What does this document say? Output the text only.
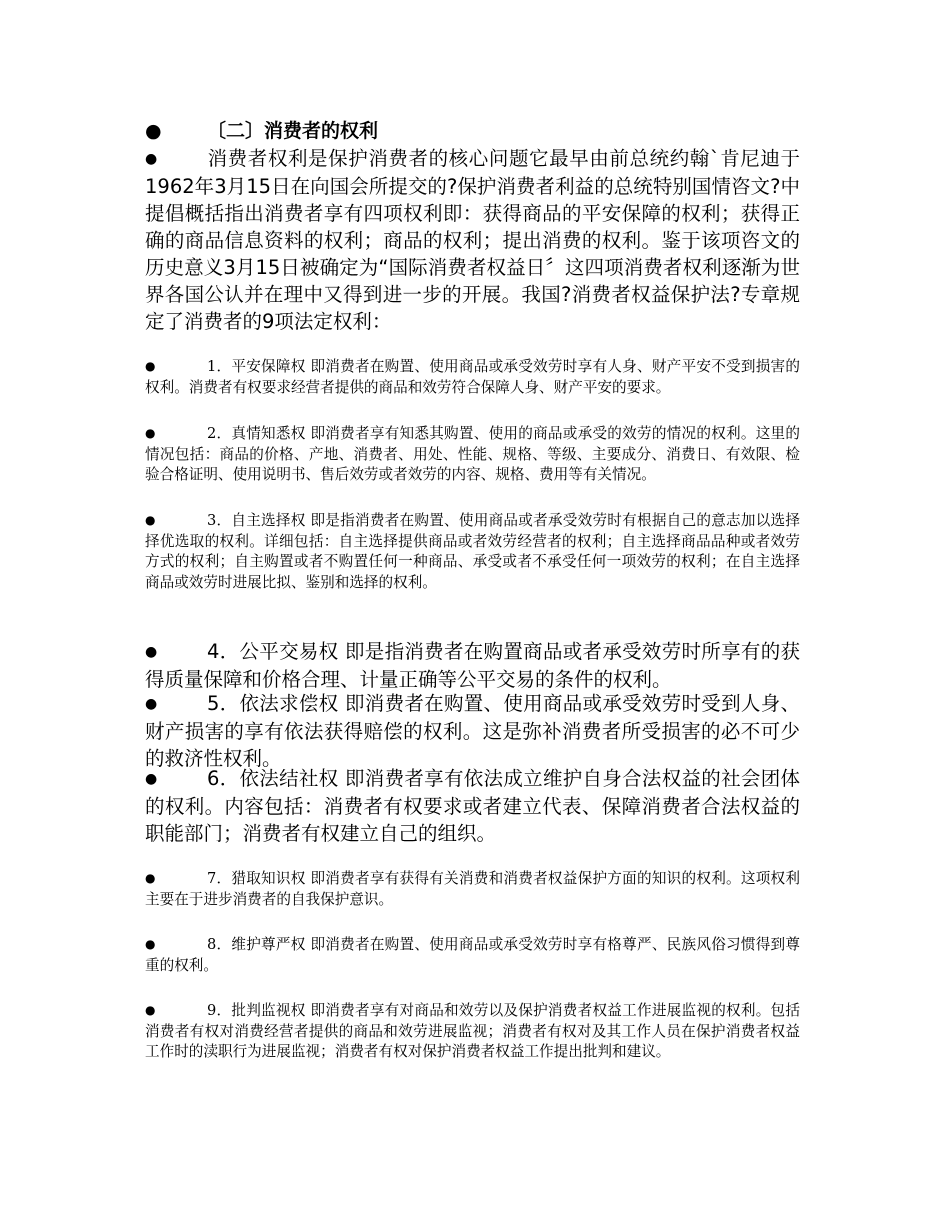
● 〔二〕消费者的权利

●	消费者权利是保护消费者的核心问题它最早由前总统约翰`肯尼迪于1962年3月15日在向国会所提交的?保护消费者利益的总统特别国情咨文?中提倡概括指出消费者享有四项权利即：获得商品的平安保障的权利；获得正确的商品信息资料的权利；商品的权利；提出消费的权利。鉴于该项咨文的历史意义3月15日被确定为“国际消费者权益日〞这四项消费者权利逐渐为世界各国公认并在理中又得到进一步的开展。我国?消费者权益保护法?专章规定了消费者的9项法定权利：

●	1．平安保障权 即消费者在购置、使用商品或承受效劳时享有人身、财产平安不受到损害的权利。消费者有权要求经营者提供的商品和效劳符合保障人身、财产平安的要求。

●	2．真情知悉权 即消费者享有知悉其购置、使用的商品或承受的效劳的情况的权利。这里的情况包括：商品的价格、产地、消费者、用处、性能、规格、等级、主要成分、消费日、有效限、检验合格证明、使用说明书、售后效劳或者效劳的内容、规格、费用等有关情况。

●	3．自主选择权 即是指消费者在购置、使用商品或者承受效劳时有根据自己的意志加以选择择优选取的权利。详细包括：自主选择提供商品或者效劳经营者的权利；自主选择商品品种或者效劳方式的权利；自主购置或者不购置任何一种商品、承受或者不承受任何一项效劳的权利；在自主选择商品或效劳时进展比拟、鉴别和选择的权利。

●	4．公平交易权 即是指消费者在购置商品或者承受效劳时所享有的获得质量保障和价格合理、计量正确等公平交易的条件的权利。

●	5．依法求偿权 即消费者在购置、使用商品或承受效劳时受到人身、财产损害的享有依法获得赔偿的权利。这是弥补消费者所受损害的必不可少的救济性权利。

●	6．依法结社权 即消费者享有依法成立维护自身合法权益的社会团体的权利。内容包括：消费者有权要求或者建立代表、保障消费者合法权益的职能部门；消费者有权建立自己的组织。

●	7．猎取知识权 即消费者享有获得有关消费和消费者权益保护方面的知识的权利。这项权利主要在于进步消费者的自我保护意识。

●	8．维护尊严权 即消费者在购置、使用商品或承受效劳时享有格尊严、民族风俗习惯得到尊重的权利。

●	9．批判监视权 即消费者享有对商品和效劳以及保护消费者权益工作进展监视的权利。包括消费者有权对消费经营者提供的商品和效劳进展监视；消费者有权对及其工作人员在保护消费者权益工作时的渎职行为进展监视；消费者有权对保护消费者权益工作提出批判和建议。
